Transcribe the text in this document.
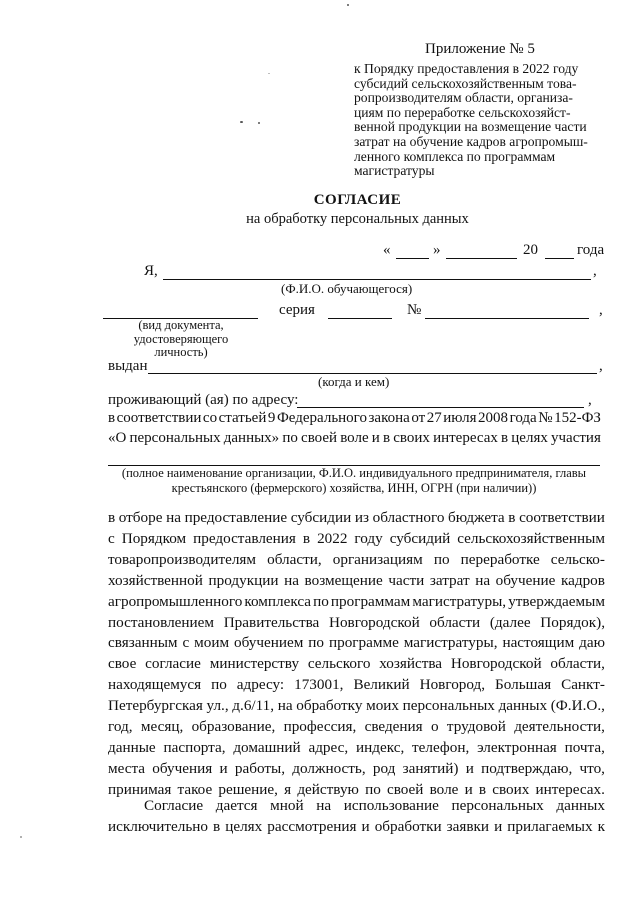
Приложение № 5
к Порядку предоставления в 2022 году
субсидий сельскохозяйственным това-
ропроизводителям области, организа-
циям по переработке сельскохозяйст-
венной продукции на возмещение части
затрат на обучение кадров агропромыш-
ленного комплекса по программам
магистратуры
СОГЛАСИЕ
на обработку персональных данных
«	»	20	года
Я,	,
(Ф.И.О. обучающегося)
серия	№	,
(вид документа,
удостоверяющего
личность)
выдан	,
(когда и кем)
проживающий (ая) по адресу:	,
в соответствии со статьей 9 Федерального закона от 27 июля 2008 года № 152-ФЗ
«О персональных данных» по своей воле и в своих интересах в целях участия
(полное наименование организации, Ф.И.О. индивидуального предпринимателя, главы
крестьянского (фермерского) хозяйства, ИНН, ОГРН (при наличии))
в отборе на предоставление субсидии из областного бюджета в соответствии
с Порядком предоставления в 2022 году субсидий сельскохозяйственным
товаропроизводителям области, организациям по переработке сельско-
хозяйственной продукции на возмещение части затрат на обучение кадров
агропромышленного комплекса по программам магистратуры, утверждаемым
постановлением Правительства Новгородской области (далее Порядок),
связанным с моим обучением по программе магистратуры, настоящим даю
свое согласие министерству сельского хозяйства Новгородской области,
находящемуся по адресу: 173001, Великий Новгород, Большая Санкт-
Петербургская ул., д.6/11, на обработку моих персональных данных (Ф.И.О.,
год, месяц, образование, профессия, сведения о трудовой деятельности,
данные паспорта, домашний адрес, индекс, телефон, электронная почта,
места обучения и работы, должность, род занятий) и подтверждаю, что,
принимая такое решение, я действую по своей воле и в своих интересах.
Согласие дается мной на использование персональных данных
исключительно в целях рассмотрения и обработки заявки и прилагаемых к
